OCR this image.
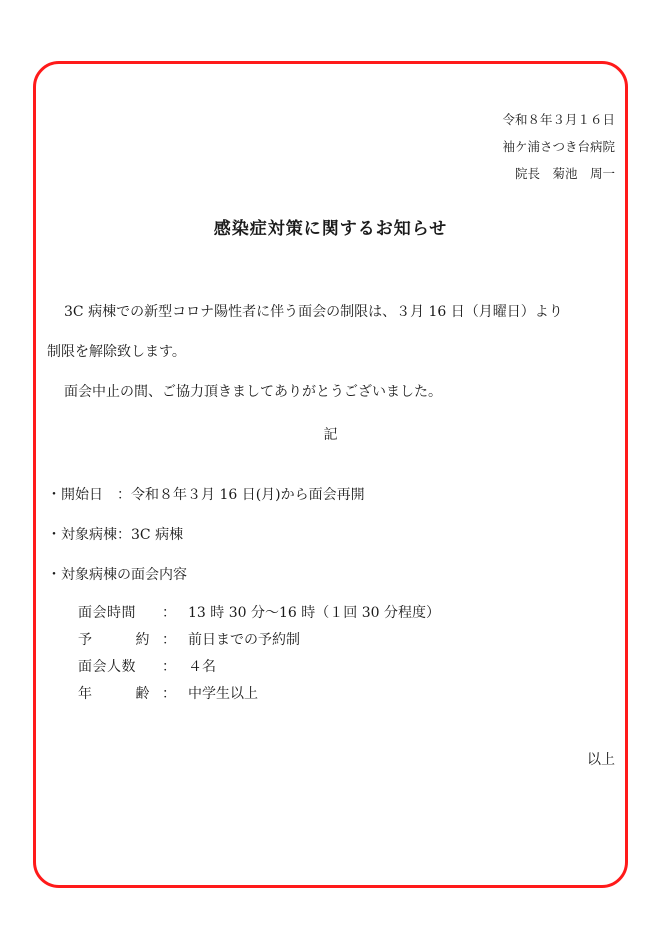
令和８年３月１６日
袖ケ浦さつき台病院
院長　菊池　周一
感染症対策に関するお知らせ
3C 病棟での新型コロナ陽性者に伴う面会の制限は、３月 16 日（月曜日）より
制限を解除致します。
面会中止の間、ご協力頂きましてありがとうございました。
記
・開始日　：令和８年３月 16 日(月)から面会再開
・対象病棟：3C 病棟
・対象病棟の面会内容
面会時間	： 13 時 30 分～16 時（１回 30 分程度）
予	約 ： 前日までの予約制
面会人数	： ４名
年	齢 ： 中学生以上
以上
